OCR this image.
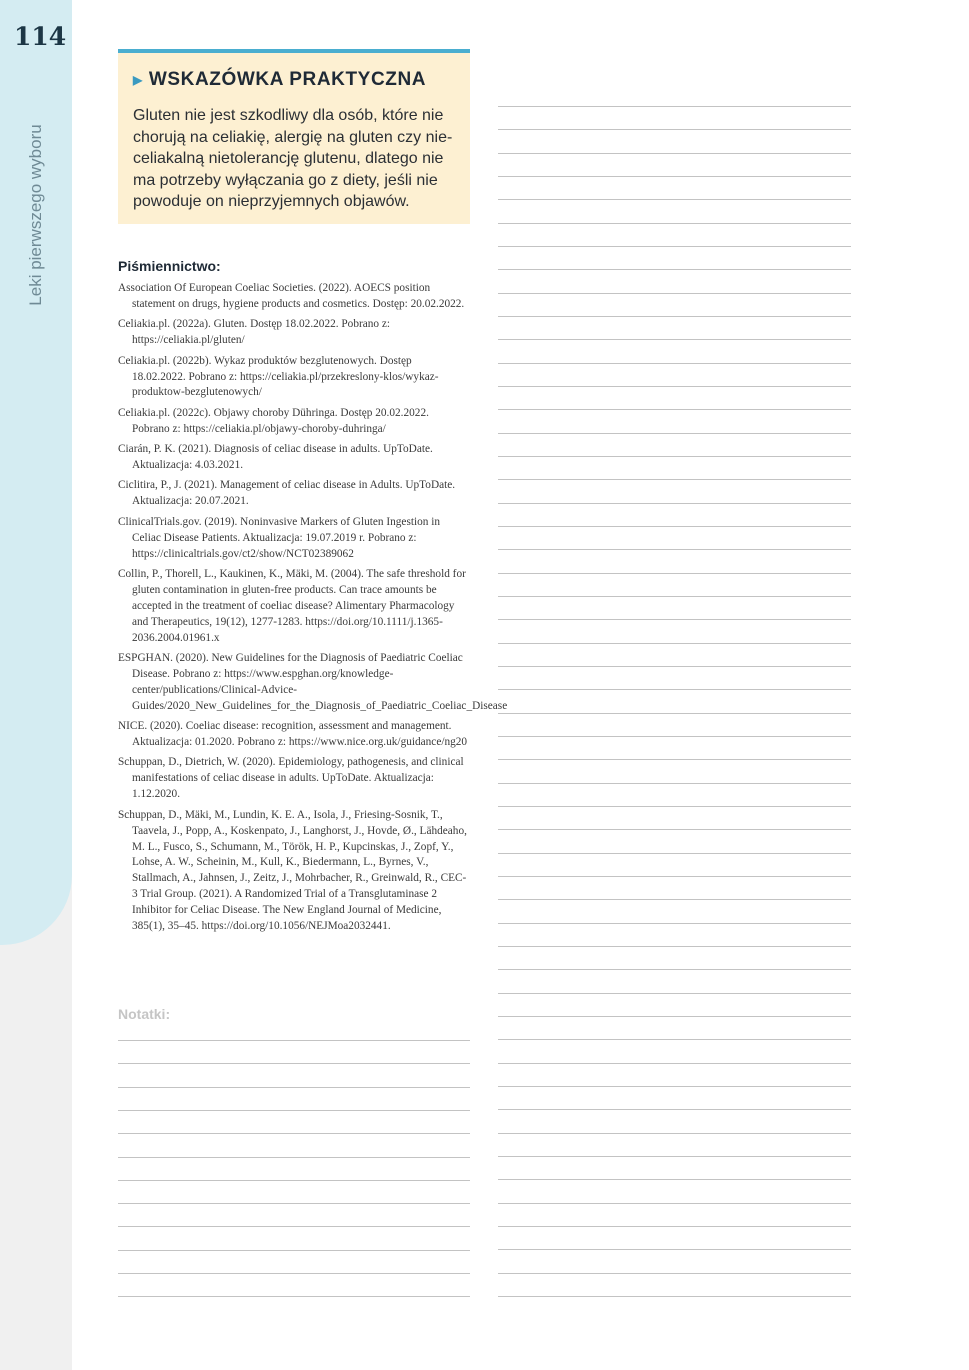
114
Leki pierwszego wyboru
▶ WSKAZÓWKA PRAKTYCZNA
Gluten nie jest szkodliwy dla osób, które nie chorują na celiakię, alergię na gluten czy nie-celiakalną nietolerancję glutenu, dlatego nie ma potrzeby wyłączania go z diety, jeśli nie powoduje on nieprzyjemnych objawów.
Piśmiennictwo:
Association Of European Coeliac Societies. (2022). AOECS position statement on drugs, hygiene products and cosmetics. Dostęp: 20.02.2022.
Celiakia.pl. (2022a). Gluten. Dostęp 18.02.2022. Pobrano z: https://celiakia.pl/gluten/
Celiakia.pl. (2022b). Wykaz produktów bezglutenowych. Dostęp 18.02.2022. Pobrano z: https://celiakia.pl/przekreslony-klos/wykaz-produktow-bezglutenowych/
Celiakia.pl. (2022c). Objawy choroby Dühringa. Dostęp 20.02.2022. Pobrano z: https://celiakia.pl/objawy-choroby-duhringa/
Ciarán, P. K. (2021). Diagnosis of celiac disease in adults. UpToDate. Aktualizacja: 4.03.2021.
Ciclitira, P., J. (2021). Management of celiac disease in Adults. UpToDate. Aktualizacja: 20.07.2021.
ClinicalTrials.gov. (2019). Noninvasive Markers of Gluten Ingestion in Celiac Disease Patients. Aktualizacja: 19.07.2019 r. Pobrano z: https://clinicaltrials.gov/ct2/show/NCT02389062
Collin, P., Thorell, L., Kaukinen, K., Mäki, M. (2004). The safe threshold for gluten contamination in gluten-free products. Can trace amounts be accepted in the treatment of coeliac disease? Alimentary Pharmacology and Therapeutics, 19(12), 1277-1283. https://doi.org/10.1111/j.1365-2036.2004.01961.x
ESPGHAN. (2020). New Guidelines for the Diagnosis of Paediatric Coeliac Disease. Pobrano z: https://www.espghan.org/knowledge-center/publications/Clinical-Advice-Guides/2020_New_Guidelines_for_the_Diagnosis_of_Paediatric_Coeliac_Disease
NICE. (2020). Coeliac disease: recognition, assessment and management. Aktualizacja: 01.2020. Pobrano z: https://www.nice.org.uk/guidance/ng20
Schuppan, D., Dietrich, W. (2020). Epidemiology, pathogenesis, and clinical manifestations of celiac disease in adults. UpToDate. Aktualizacja: 1.12.2020.
Schuppan, D., Mäki, M., Lundin, K. E. A., Isola, J., Friesing-Sosnik, T., Taavela, J., Popp, A., Koskenpato, J., Langhorst, J., Hovde, Ø., Lähdeaho, M. L., Fusco, S., Schumann, M., Török, H. P., Kupcinskas, J., Zopf, Y., Lohse, A. W., Scheinin, M., Kull, K., Biedermann, L., Byrnes, V., Stallmach, A., Jahnsen, J., Zeitz, J., Mohrbacher, R., Greinwald, R., CEC-3 Trial Group. (2021). A Randomized Trial of a Transglutaminase 2 Inhibitor for Celiac Disease. The New England Journal of Medicine, 385(1), 35–45. https://doi.org/10.1056/NEJMoa2032441.
Notatki:
